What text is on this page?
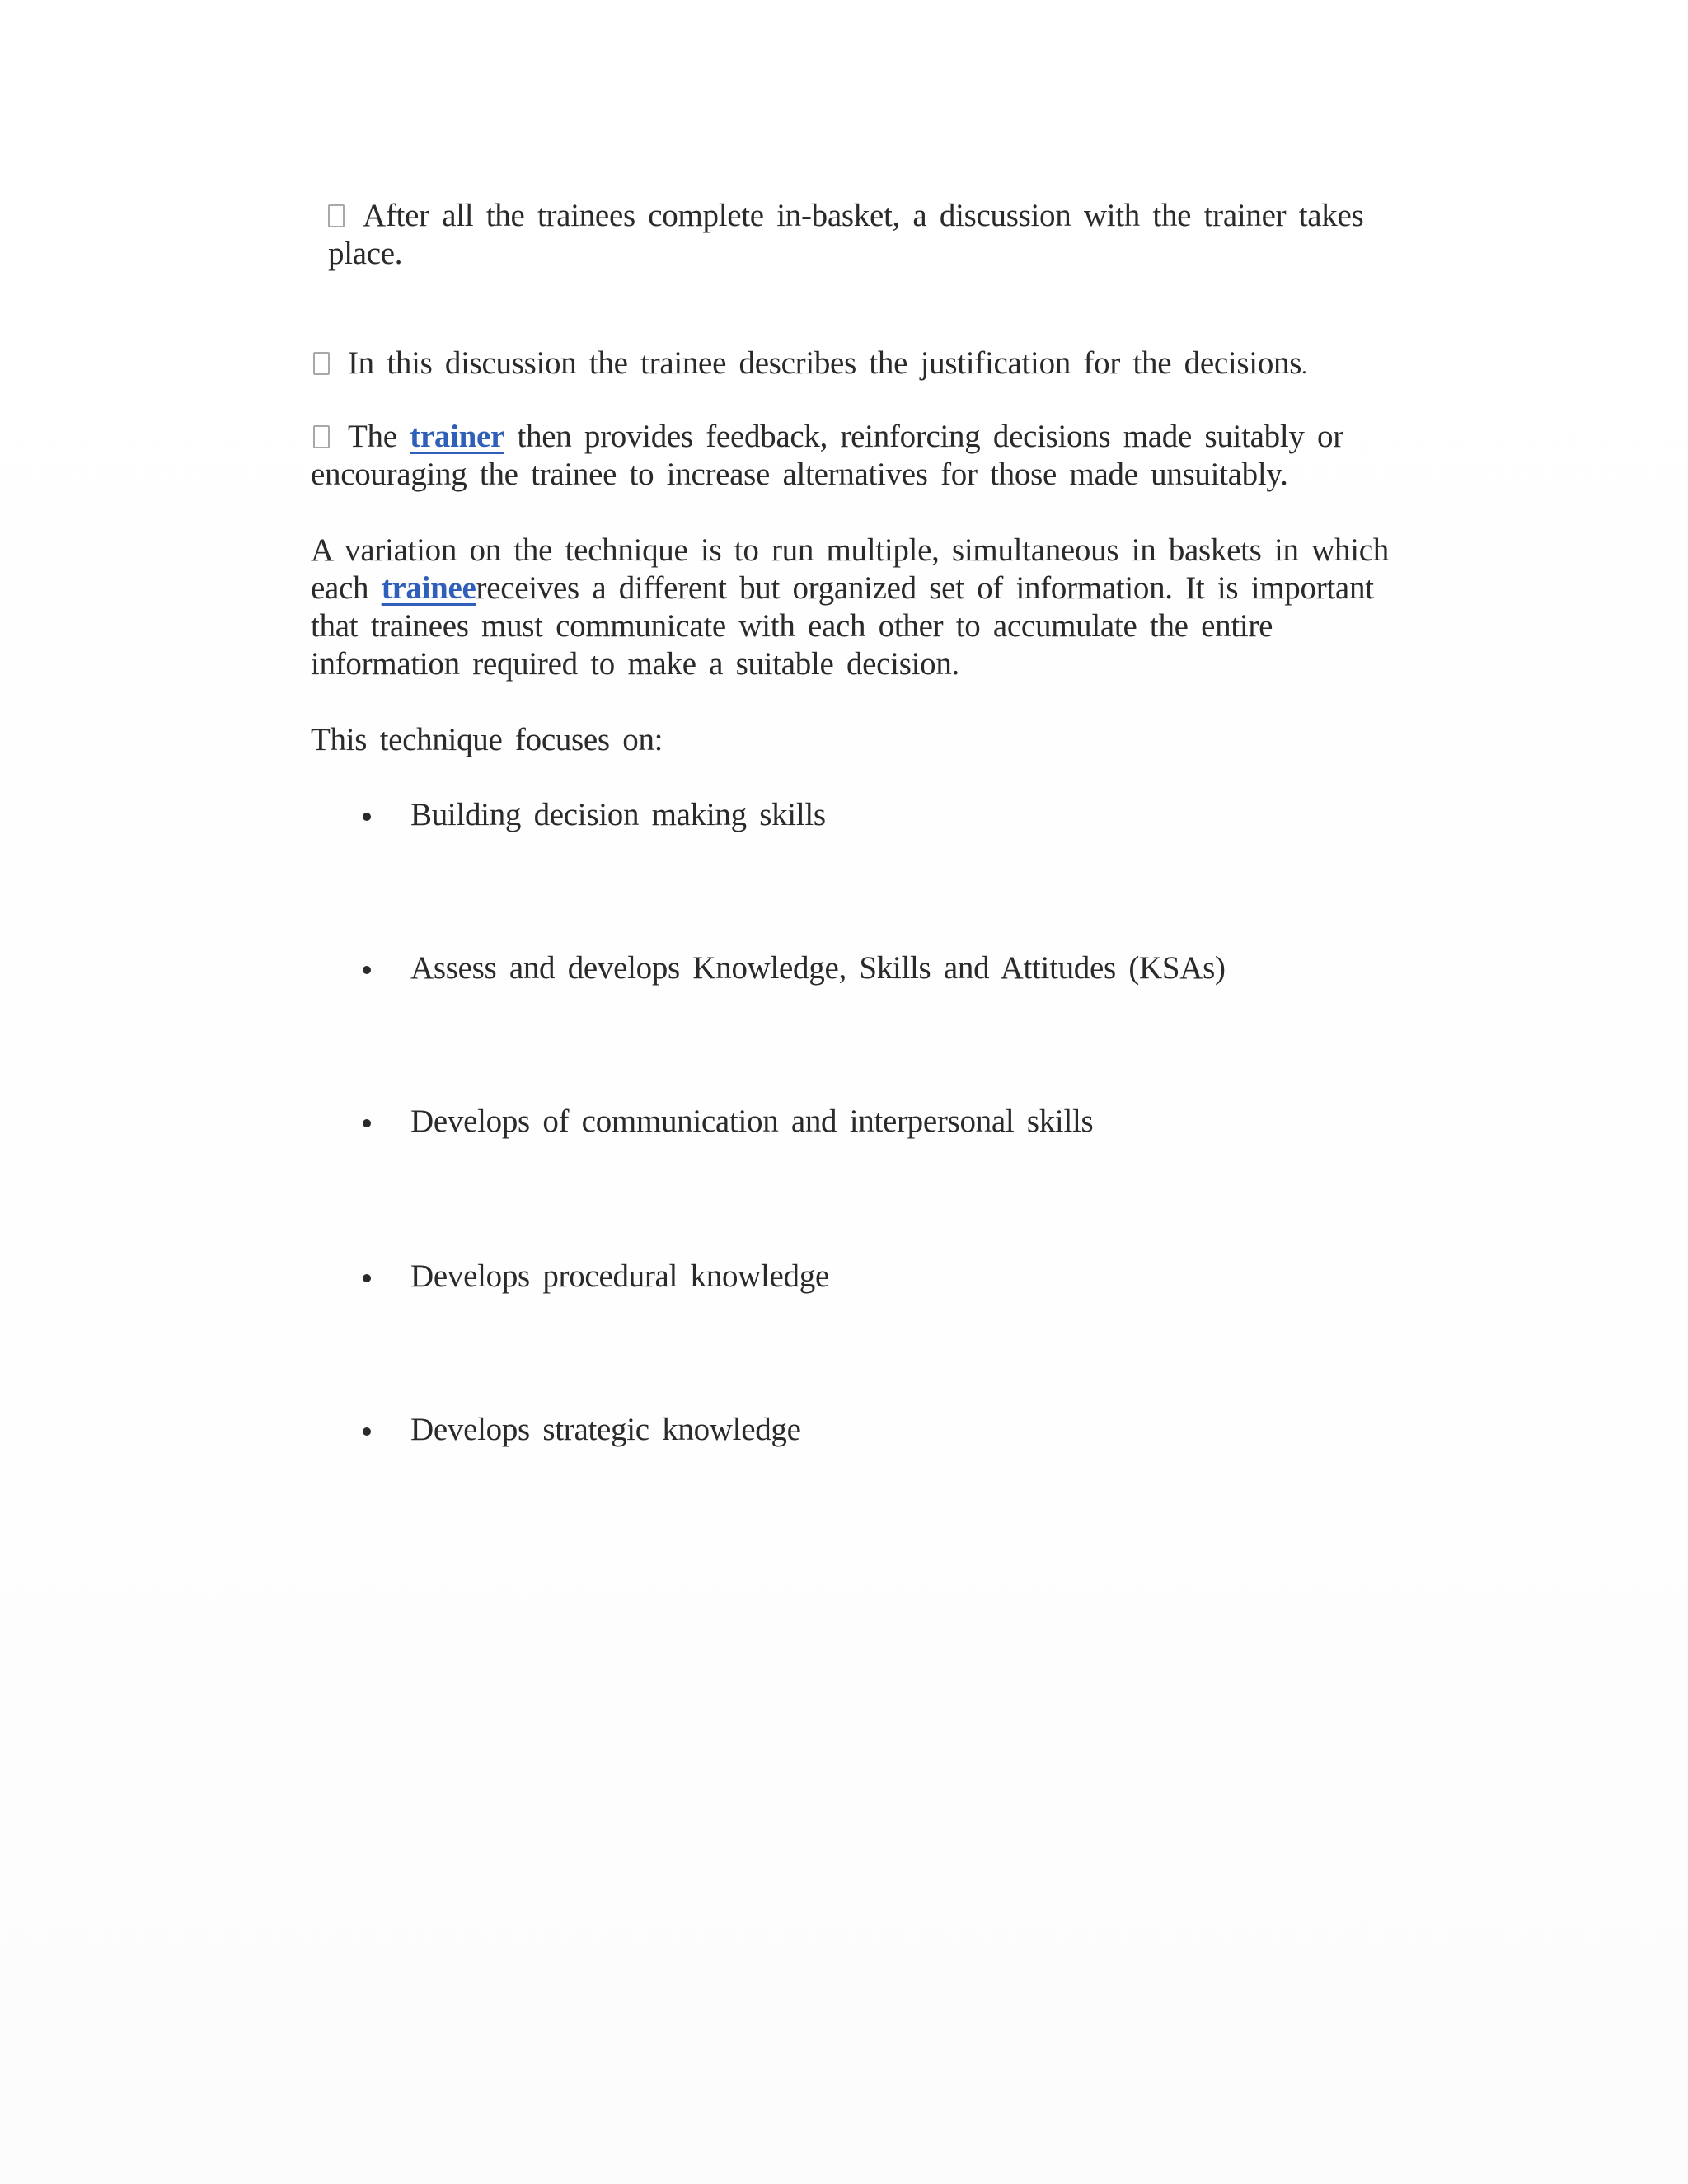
After all the trainees complete in-basket, a discussion with the trainer takes
place.
In this discussion the trainee describes the justification for the decisions.
The trainer then provides feedback, reinforcing decisions made suitably or
encouraging the trainee to increase alternatives for those made unsuitably.
A variation on the technique is to run multiple, simultaneous in baskets in which
each traineereceives a different but organized set of information. It is important
that trainees must communicate with each other to accumulate the entire
information required to make a suitable decision.
This technique focuses on:
Building decision making skills
Assess and develops Knowledge, Skills and Attitudes (KSAs)
Develops of communication and interpersonal skills
Develops procedural knowledge
Develops strategic knowledge
